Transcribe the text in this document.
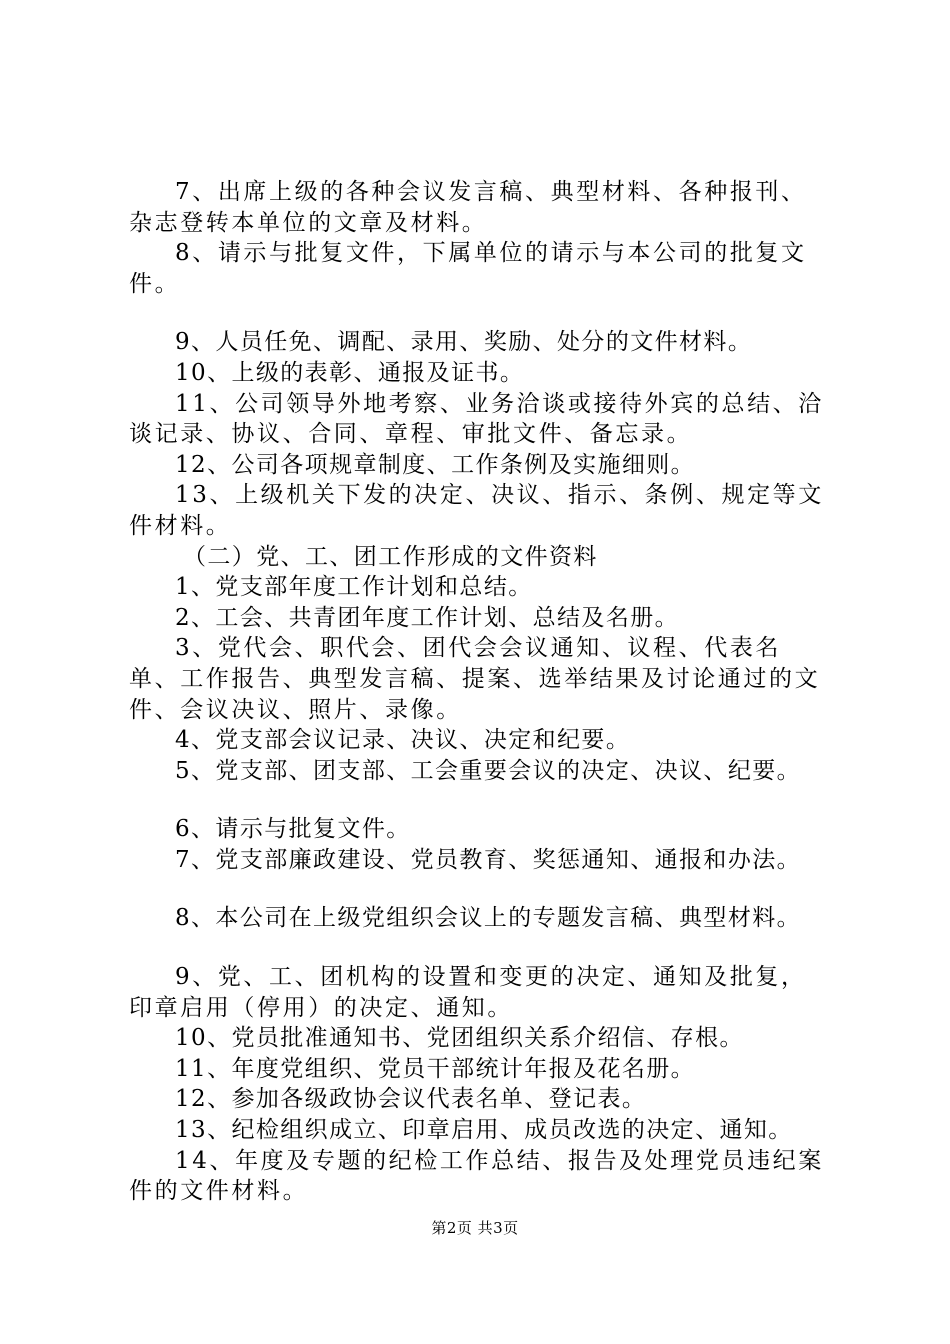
7、出席上级的各种会议发言稿、典型材料、各种报刊、杂志登转本单位的文章及材料。

8、请示与批复文件，下属单位的请示与本公司的批复文件。

9、人员任免、调配、录用、奖励、处分的文件材料。

10、上级的表彰、通报及证书。

11、公司领导外地考察、业务洽谈或接待外宾的总结、洽谈记录、协议、合同、章程、审批文件、备忘录。

12、公司各项规章制度、工作条例及实施细则。

13、上级机关下发的决定、决议、指示、条例、规定等文件材料。

（二）党、工、团工作形成的文件资料

1、党支部年度工作计划和总结。

2、工会、共青团年度工作计划、总结及名册。

3、党代会、职代会、团代会会议通知、议程、代表名单、工作报告、典型发言稿、提案、选举结果及讨论通过的文件、会议决议、照片、录像。

4、党支部会议记录、决议、决定和纪要。

5、党支部、团支部、工会重要会议的决定、决议、纪要。

6、请示与批复文件。

7、党支部廉政建设、党员教育、奖惩通知、通报和办法。

8、本公司在上级党组织会议上的专题发言稿、典型材料。

9、党、工、团机构的设置和变更的决定、通知及批复，印章启用（停用）的决定、通知。

10、党员批准通知书、党团组织关系介绍信、存根。

11、年度党组织、党员干部统计年报及花名册。

12、参加各级政协会议代表名单、登记表。

13、纪检组织成立、印章启用、成员改选的决定、通知。

14、年度及专题的纪检工作总结、报告及处理党员违纪案件的文件材料。

第2页 共3页
